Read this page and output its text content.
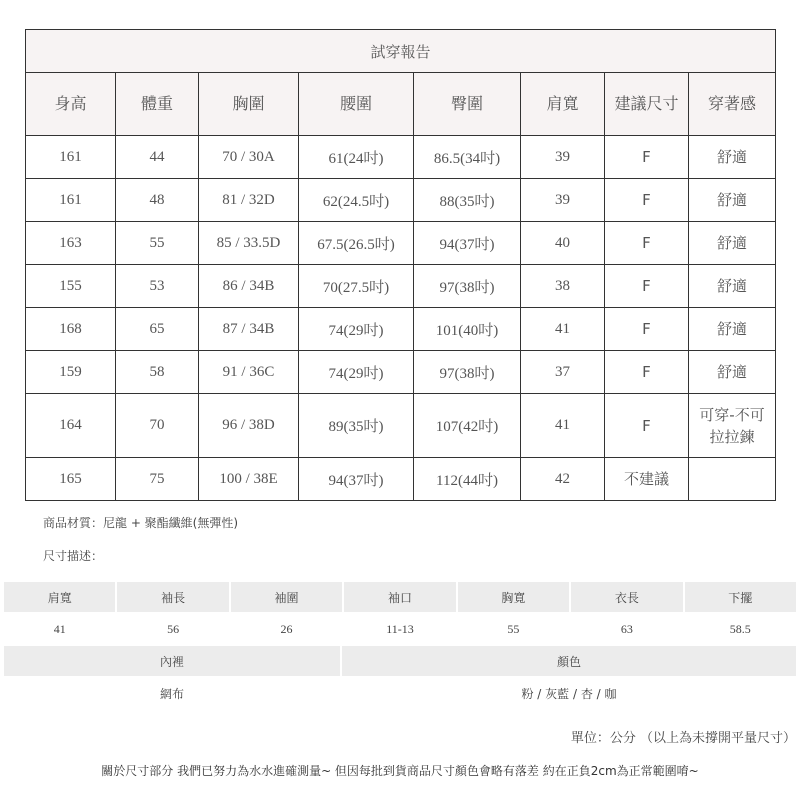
試穿報告							
身高	體重	胸圍	腰圍	臀圍	肩寬	建議尺寸	穿著感
161	44	70 / 30A	61(24吋)	86.5(34吋)	39	F	舒適
161	48	81 / 32D	62(24.5吋)	88(35吋)	39	F	舒適
163	55	85 / 33.5D	67.5(26.5吋)	94(37吋)	40	F	舒適
155	53	86 / 34B	70(27.5吋)	97(38吋)	38	F	舒適
168	65	87 / 34B	74(29吋)	101(40吋)	41	F	舒適
159	58	91 / 36C	74(29吋)	97(38吋)	37	F	舒適
164	70	96 / 38D	89(35吋)	107(42吋)	41	F	可穿-不可拉拉鍊
165	75	100 / 38E	94(37吋)	112(44吋)	42	不建議	
商品材質：尼龍 + 聚酯纖維(無彈性)
尺寸描述：
肩寬	袖長	袖圍	袖口	胸寬	衣長	下擺
41	56	26	11-13	55	63	58.5
內裡	顏色
網布	粉 / 灰藍 / 杏 / 咖
單位：公分 （以上為未撐開平量尺寸）
關於尺寸部分 我們已努力為水水進確測量~ 但因每批到貨商品尺寸顏色會略有落差 約在正負2cm為正常範圍唷~
